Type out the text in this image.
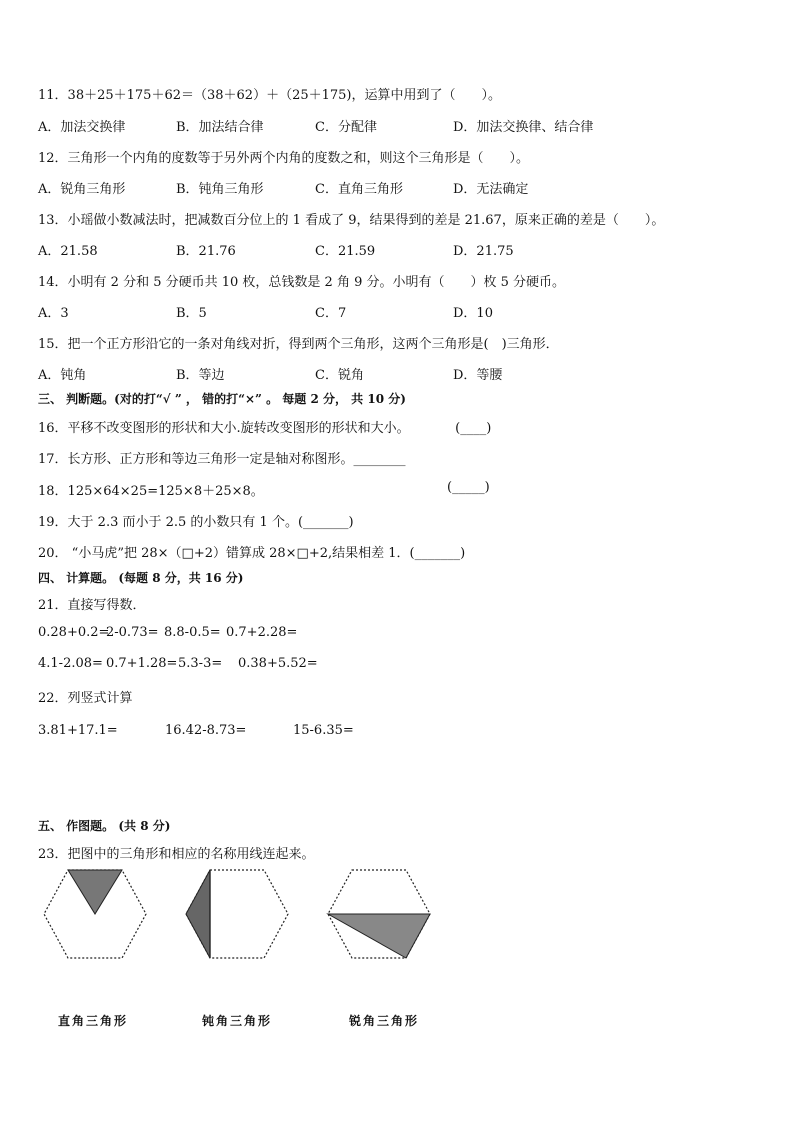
11．38＋25＋175＋62＝（38＋62）＋（25＋175)，运算中用到了（　　）。
A．加法交换律	B．加法结合律	C．分配律	D．加法交换律、结合律
12．三角形一个内角的度数等于另外两个内角的度数之和，则这个三角形是（　　）。
A．锐角三角形	B．钝角三角形	C．直角三角形	D．无法确定
13．小瑶做小数减法时，把减数百分位上的 1 看成了 9，结果得到的差是 21.67，原来正确的差是（　　）。
A．21.58	B．21.76	C．21.59	D．21.75
14．小明有 2 分和 5 分硬币共 10 枚，总钱数是 2 角 9 分。小明有（　　）枚 5 分硬币。
A．3	B．5	C．7	D．10
15．把一个正方形沿它的一条对角线对折，得到两个三角形，这两个三角形是(　)三角形．
A．钝角	B．等边	C．锐角	D．等腰
三、 判断题。(对的打“√ ” ， 错的打“×” 。 每题 2 分， 共 10 分)
16．平移不改变图形的形状和大小.旋转改变图形的形状和大小。　　　　(____)
17．长方形、正方形和等边三角形一定是轴对称图形。________
18．125×64×25=125×8＋25×8。	(_____)
19．大于 2.3 而小于 2.5 的小数只有 1 个。(_______)
20． “小马虎”把 28×（□+2）错算成 28×□+2,结果相差 1．(_______)
四、 计算题。 (每题 8 分，共 16 分)
21．直接写得数．
0.28+0.2=2-0.73= 8.8-0.5= 0.7+2.28=
4.1-2.08= 0.7+1.28=5.3-3= 0.38+5.52=
22．列竖式计算
3.81+17.1=	16.42-8.73=	15-6.35=
五、 作图题。 (共 8 分)
23．把图中的三角形和相应的名称用线连起来。
直角三角形	钝角三角形	锐角三角形
